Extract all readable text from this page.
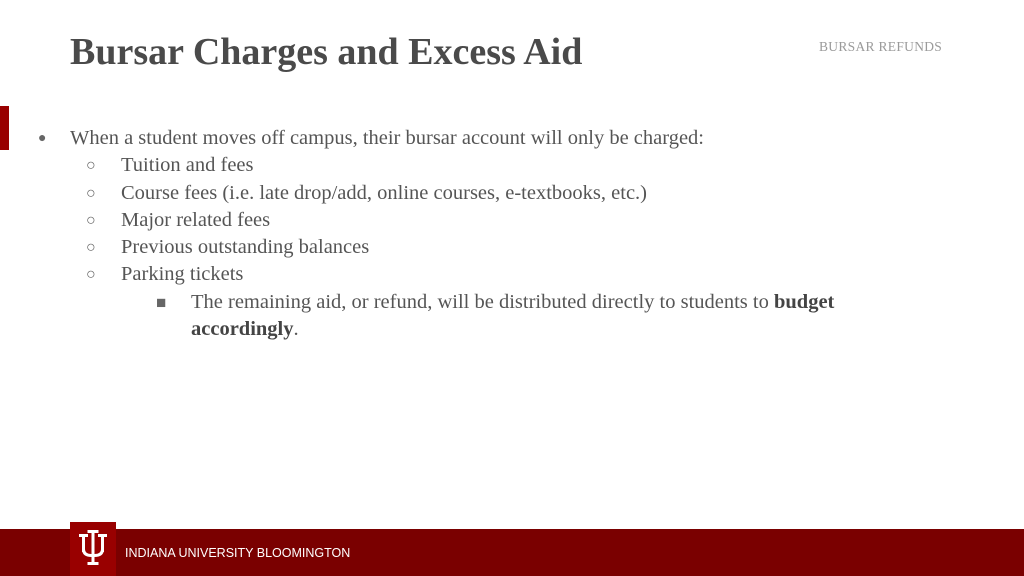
Bursar Charges and Excess Aid	BURSAR REFUNDS
● When a student moves off campus, their bursar account will only be charged:
○ Tuition and fees
○ Course fees (i.e. late drop/add, online courses, e-textbooks, etc.)
○ Major related fees
○ Previous outstanding balances
○ Parking tickets
■ The remaining aid, or refund, will be distributed directly to students to budget accordingly.
INDIANA UNIVERSITY BLOOMINGTON
